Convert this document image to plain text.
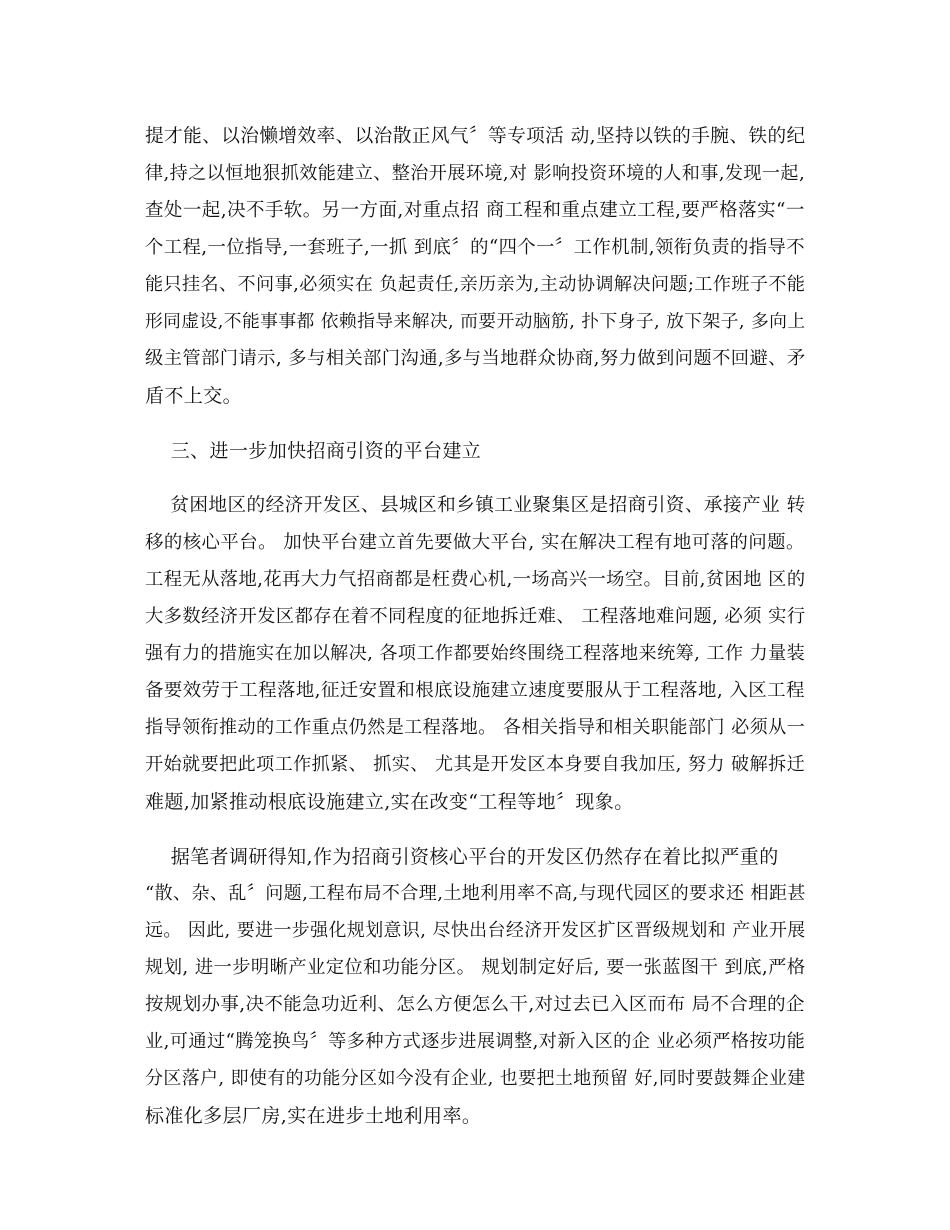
提才能、以治懒增效率、以治散正风气〞等专项活 动,坚持以铁的手腕、铁的纪
律,持之以恒地狠抓效能建立、整治开展环境,对 影响投资环境的人和事,发现一起,
查处一起,决不手软。另一方面,对重点招 商工程和重点建立工程,要严格落实“一
个工程,一位指导,一套班子,一抓 到底〞的“四个一〞工作机制,领衔负责的指导不
能只挂名、不问事,必须实在 负起责任,亲历亲为,主动协调解决问题;工作班子不能
形同虚设,不能事事都 依赖指导来解决, 而要开动脑筋, 扑下身子, 放下架子, 多向上
级主管部门请示, 多与相关部门沟通,多与当地群众协商,努力做到问题不回避、矛
盾不上交。
三、进一步加快招商引资的平台建立
贫困地区的经济开发区、县城区和乡镇工业聚集区是招商引资、承接产业 转
移的核心平台。 加快平台建立首先要做大平台, 实在解决工程有地可落的问题。
工程无从落地,花再大力气招商都是枉费心机,一场高兴一场空。目前,贫困地 区的
大多数经济开发区都存在着不同程度的征地拆迁难、 工程落地难问题, 必须 实行
强有力的措施实在加以解决, 各项工作都要始终围绕工程落地来统筹, 工作 力量装
备要效劳于工程落地,征迁安置和根底设施建立速度要服从于工程落地, 入区工程
指导领衔推动的工作重点仍然是工程落地。 各相关指导和相关职能部门 必须从一
开始就要把此项工作抓紧、 抓实、 尤其是开发区本身要自我加压, 努力 破解拆迁
难题,加紧推动根底设施建立,实在改变“工程等地〞现象。
据笔者调研得知,作为招商引资核心平台的开发区仍然存在着比拟严重的
“散、杂、乱〞问题,工程布局不合理,土地利用率不高,与现代园区的要求还 相距甚
远。 因此, 要进一步强化规划意识, 尽快出台经济开发区扩区晋级规划和 产业开展
规划, 进一步明晰产业定位和功能分区。 规划制定好后, 要一张蓝图干 到底,严格
按规划办事,决不能急功近利、怎么方便怎么干,对过去已入区而布 局不合理的企
业,可通过“腾笼换鸟〞等多种方式逐步进展调整,对新入区的企 业必须严格按功能
分区落户, 即使有的功能分区如今没有企业, 也要把土地预留 好,同时要鼓舞企业建
标准化多层厂房,实在进步土地利用率。
